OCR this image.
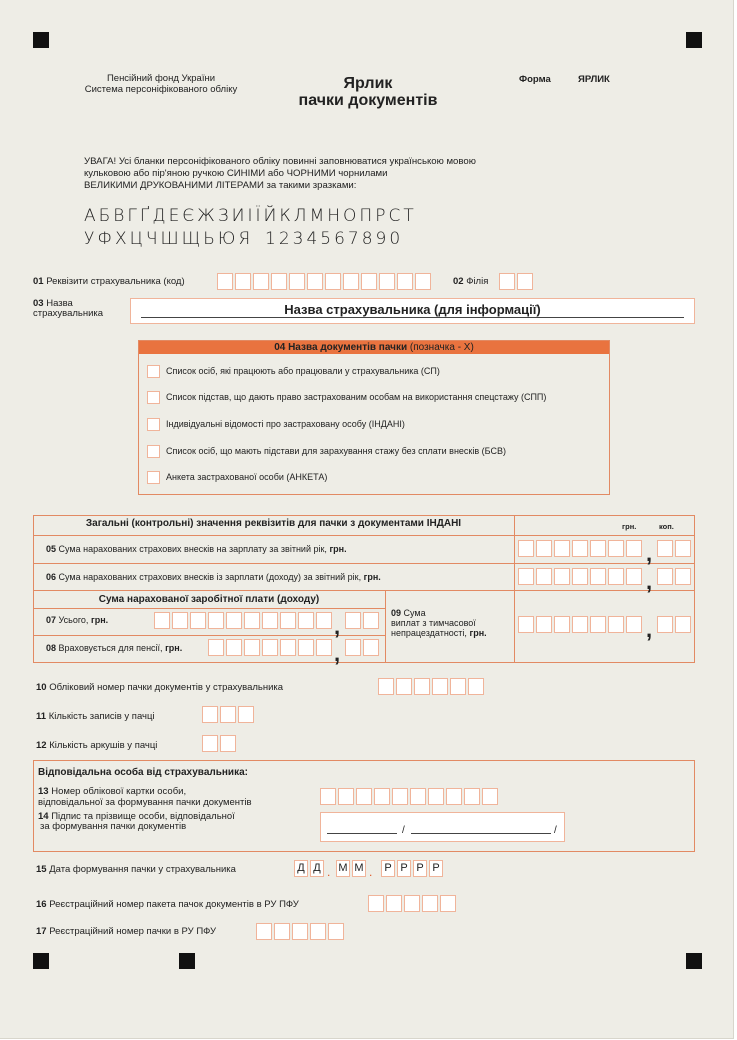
Пенсійний фонд України
Система персоніфікованого обліку	Ярлик
пачки документів
Форма	ЯРЛИК
УВАГА! Усі бланки персоніфікованого обліку повинні заповнюватися українською мовою
кульковою або пір'яною ручкою СИНІМИ або ЧОРНИМИ чорнилами
ВЕЛИКИМИ ДРУКОВАНИМИ ЛІТЕРАМИ за такими зразками:
АБВГҐДЕЄЖЗИІЇЙКЛМНОПРСТ
УФХЦЧШЩЬЮЯ 1234567890
01 Реквізити страхувальника (код)	02 Філія
03 Назва
страхувальника	Назва страхувальника (для інформації)
04 Назва документів пачки (позначка - Х)
Список осіб, які працюють або працювали у страхувальника (СП)
Список підстав, що дають право застрахованим особам на використання спецстажу (СПП)
Індивідуальні відомості про застраховану особу (ІНДАНІ)
Список осіб, що мають підстави для зарахування стажу без сплати внесків (БСВ)
Анкета застрахованої особи (АНКЕТА)
Загальні (контрольні) значення реквізитів для пачки з документами ІНДАНІ	грн.	коп.
05 Сума нарахованих страхових внесків на зарплату за звітний рік, грн.	,
06 Сума нарахованих страхових внесків із зарплати (доходу) за звітний рік, грн.	,
Сума нарахованої заробітної плати (доходу)
07 Усього, грн.	,
08 Враховується для пенсії, грн.	,
09 Сума
виплат з тимчасової
непрацездатності, грн.	,
10 Обліковий номер пачки документів у страхувальника
11 Кількість записів у пачці
12 Кількість аркушів у пачці
Відповідальна особа від страхувальника:
13 Номер облікової картки особи,
відповідальної за формування пачки документів
14 Підпис та прізвище особи, відповідальної
за формування пачки документів	/	/
15 Дата формування пачки у страхувальника	Д Д . М М .	Р Р Р Р
16 Реєстраційний номер пакета пачок документів в РУ ПФУ
17 Реєстраційний номер пачки в РУ ПФУ
